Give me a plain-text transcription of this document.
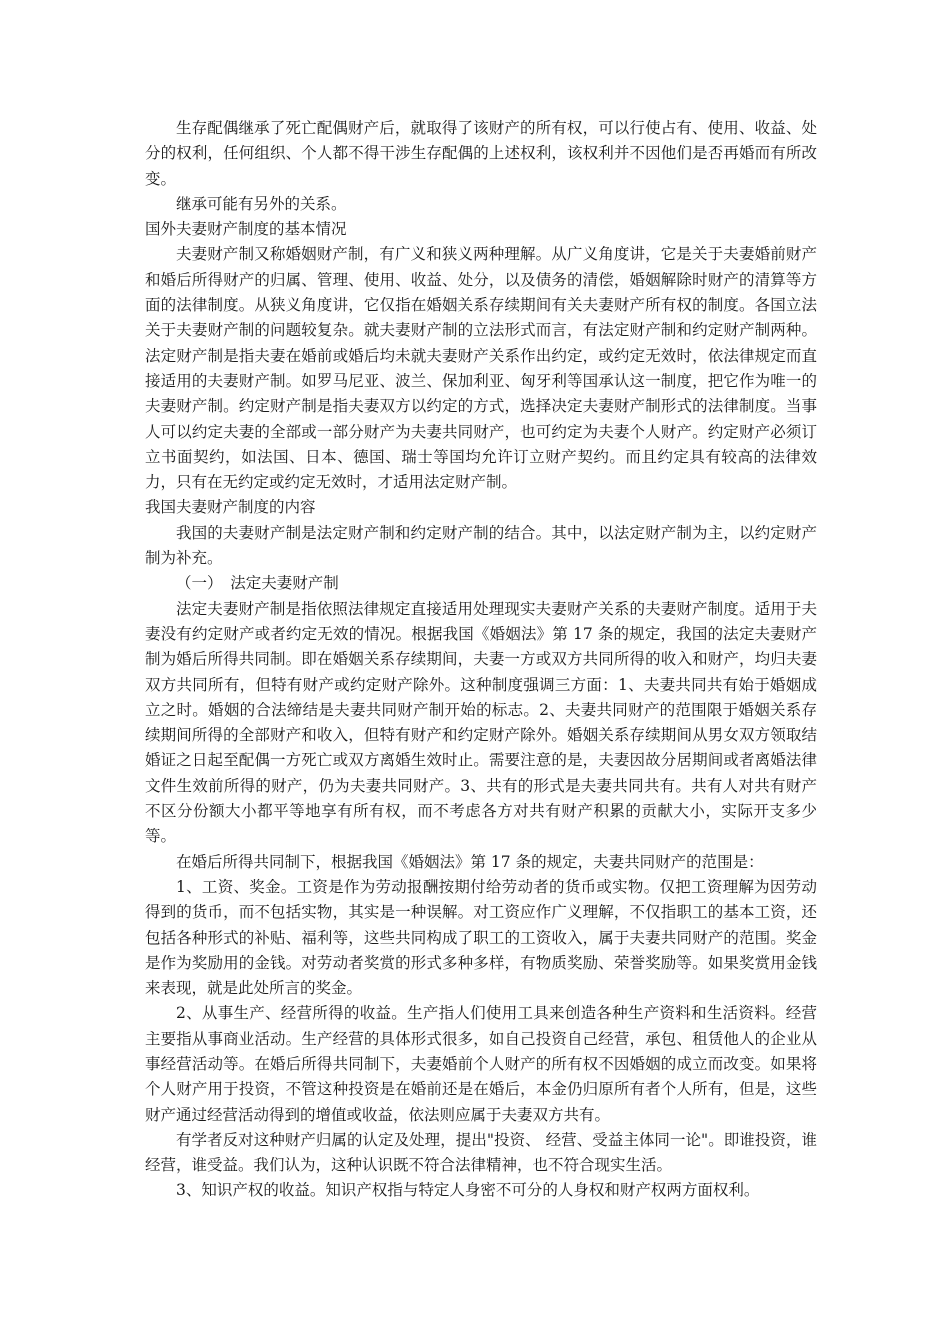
生存配偶继承了死亡配偶财产后，就取得了该财产的所有权，可以行使占有、使用、收益、处分的权利，任何组织、个人都不得干涉生存配偶的上述权利，该权利并不因他们是否再婚而有所改变。

继承可能有另外的关系。

国外夫妻财产制度的基本情况

夫妻财产制又称婚姻财产制，有广义和狭义两种理解。从广义角度讲，它是关于夫妻婚前财产和婚后所得财产的归属、管理、使用、收益、处分，以及债务的清偿，婚姻解除时财产的清算等方面的法律制度。从狭义角度讲，它仅指在婚姻关系存续期间有关夫妻财产所有权的制度。各国立法关于夫妻财产制的问题较复杂。就夫妻财产制的立法形式而言，有法定财产制和约定财产制两种。法定财产制是指夫妻在婚前或婚后均未就夫妻财产关系作出约定，或约定无效时，依法律规定而直接适用的夫妻财产制。如罗马尼亚、波兰、保加利亚、匈牙利等国承认这一制度，把它作为唯一的夫妻财产制。约定财产制是指夫妻双方以约定的方式，选择决定夫妻财产制形式的法律制度。当事人可以约定夫妻的全部或一部分财产为夫妻共同财产，也可约定为夫妻个人财产。约定财产必须订立书面契约，如法国、日本、德国、瑞士等国均允许订立财产契约。而且约定具有较高的法律效力，只有在无约定或约定无效时，才适用法定财产制。

我国夫妻财产制度的内容

我国的夫妻财产制是法定财产制和约定财产制的结合。其中，以法定财产制为主，以约定财产制为补充。

（一）　法定夫妻财产制

法定夫妻财产制是指依照法律规定直接适用处理现实夫妻财产关系的夫妻财产制度。适用于夫妻没有约定财产或者约定无效的情况。根据我国《婚姻法》第 17 条的规定，我国的法定夫妻财产制为婚后所得共同制。即在婚姻关系存续期间，夫妻一方或双方共同所得的收入和财产，均归夫妻双方共同所有，但特有财产或约定财产除外。这种制度强调三方面：1、夫妻共同共有始于婚姻成立之时。婚姻的合法缔结是夫妻共同财产制开始的标志。2、夫妻共同财产的范围限于婚姻关系存续期间所得的全部财产和收入，但特有财产和约定财产除外。婚姻关系存续期间从男女双方领取结婚证之日起至配偶一方死亡或双方离婚生效时止。需要注意的是，夫妻因故分居期间或者离婚法律文件生效前所得的财产，仍为夫妻共同财产。3、共有的形式是夫妻共同共有。共有人对共有财产不区分份额大小都平等地享有所有权，而不考虑各方对共有财产积累的贡献大小，实际开支多少等。

在婚后所得共同制下，根据我国《婚姻法》第 17 条的规定，夫妻共同财产的范围是：

1、工资、奖金。工资是作为劳动报酬按期付给劳动者的货币或实物。仅把工资理解为因劳动得到的货币，而不包括实物，其实是一种误解。对工资应作广义理解，不仅指职工的基本工资，还包括各种形式的补贴、福利等，这些共同构成了职工的工资收入，属于夫妻共同财产的范围。奖金是作为奖励用的金钱。对劳动者奖赏的形式多种多样，有物质奖励、荣誉奖励等。如果奖赏用金钱来表现，就是此处所言的奖金。

2、从事生产、经营所得的收益。生产指人们使用工具来创造各种生产资料和生活资料。经营主要指从事商业活动。生产经营的具体形式很多，如自己投资自己经营，承包、租赁他人的企业从事经营活动等。在婚后所得共同制下，夫妻婚前个人财产的所有权不因婚姻的成立而改变。如果将个人财产用于投资，不管这种投资是在婚前还是在婚后，本金仍归原所有者个人所有，但是，这些财产通过经营活动得到的增值或收益，依法则应属于夫妻双方共有。

有学者反对这种财产归属的认定及处理，提出"投资、 经营、受益主体同一论"。即谁投资，谁经营，谁受益。我们认为，这种认识既不符合法律精神，也不符合现实生活。

3、知识产权的收益。知识产权指与特定人身密不可分的人身权和财产权两方面权利。
